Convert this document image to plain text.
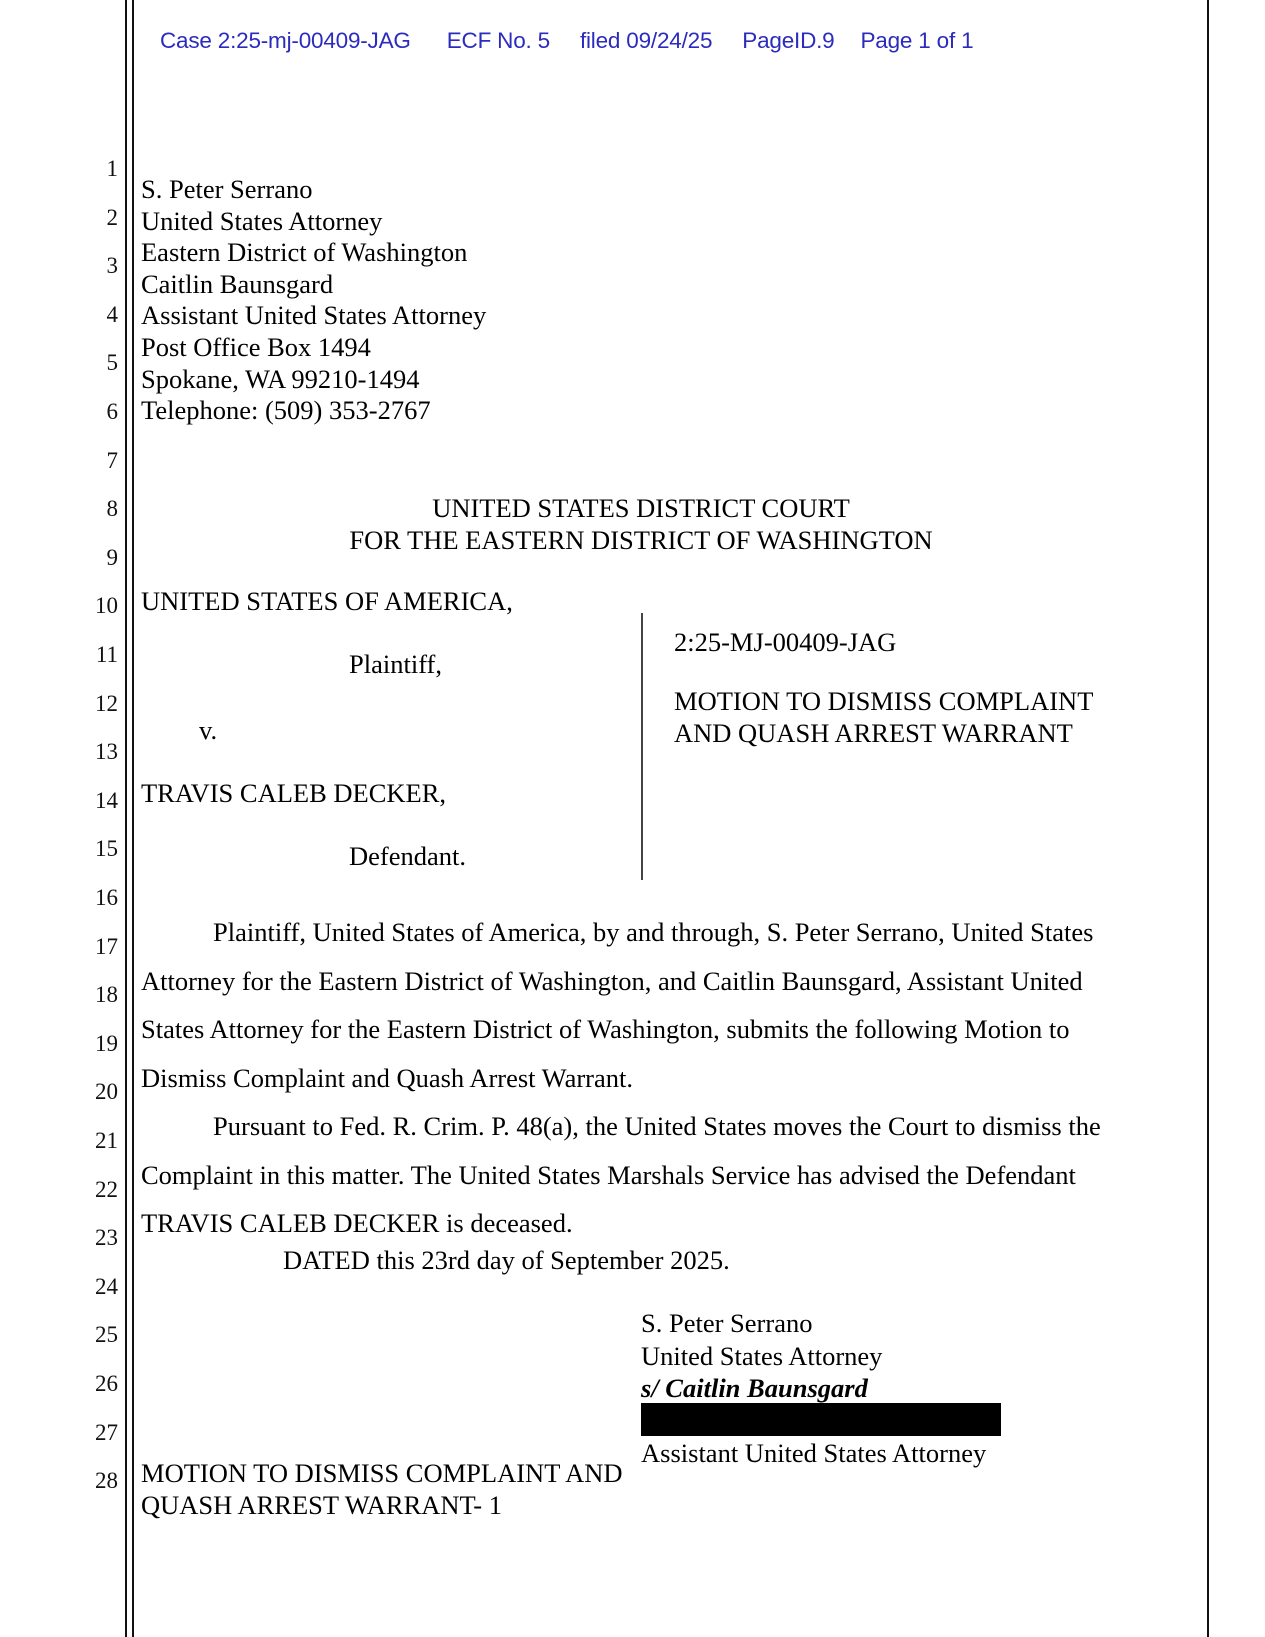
Case 2:25-mj-00409-JAG ECF No. 5 filed 09/24/25 PageID.9 Page 1 of 1
1
2
3
4
5
6
7
8
9
10
11
12
13
14
15
16
17
18
19
20
21
22
23
24
25
26
27
28
S. Peter Serrano
United States Attorney
Eastern District of Washington
Caitlin Baunsgard
Assistant United States Attorney
Post Office Box 1494
Spokane, WA 99210-1494
Telephone: (509) 353-2767
UNITED STATES DISTRICT COURT
FOR THE EASTERN DISTRICT OF WASHINGTON
UNITED STATES OF AMERICA,
Plaintiff,
v.
TRAVIS CALEB DECKER,
Defendant.
2:25-MJ-00409-JAG
MOTION TO DISMISS COMPLAINT
AND QUASH ARREST WARRANT

Plaintiff, United States of America, by and through, S. Peter Serrano, United States Attorney for the Eastern District of Washington, and Caitlin Baunsgard, Assistant United States Attorney for the Eastern District of Washington, submits the following Motion to Dismiss Complaint and Quash Arrest Warrant.

Pursuant to Fed. R. Crim. P. 48(a), the United States moves the Court to dismiss the Complaint in this matter. The United States Marshals Service has advised the Defendant TRAVIS CALEB DECKER is deceased.

DATED this 23rd day of September 2025.
S. Peter Serrano
United States Attorney
s/ Caitlin Baunsgard
Assistant United States Attorney
MOTION TO DISMISS COMPLAINT AND
QUASH ARREST WARRANT- 1
